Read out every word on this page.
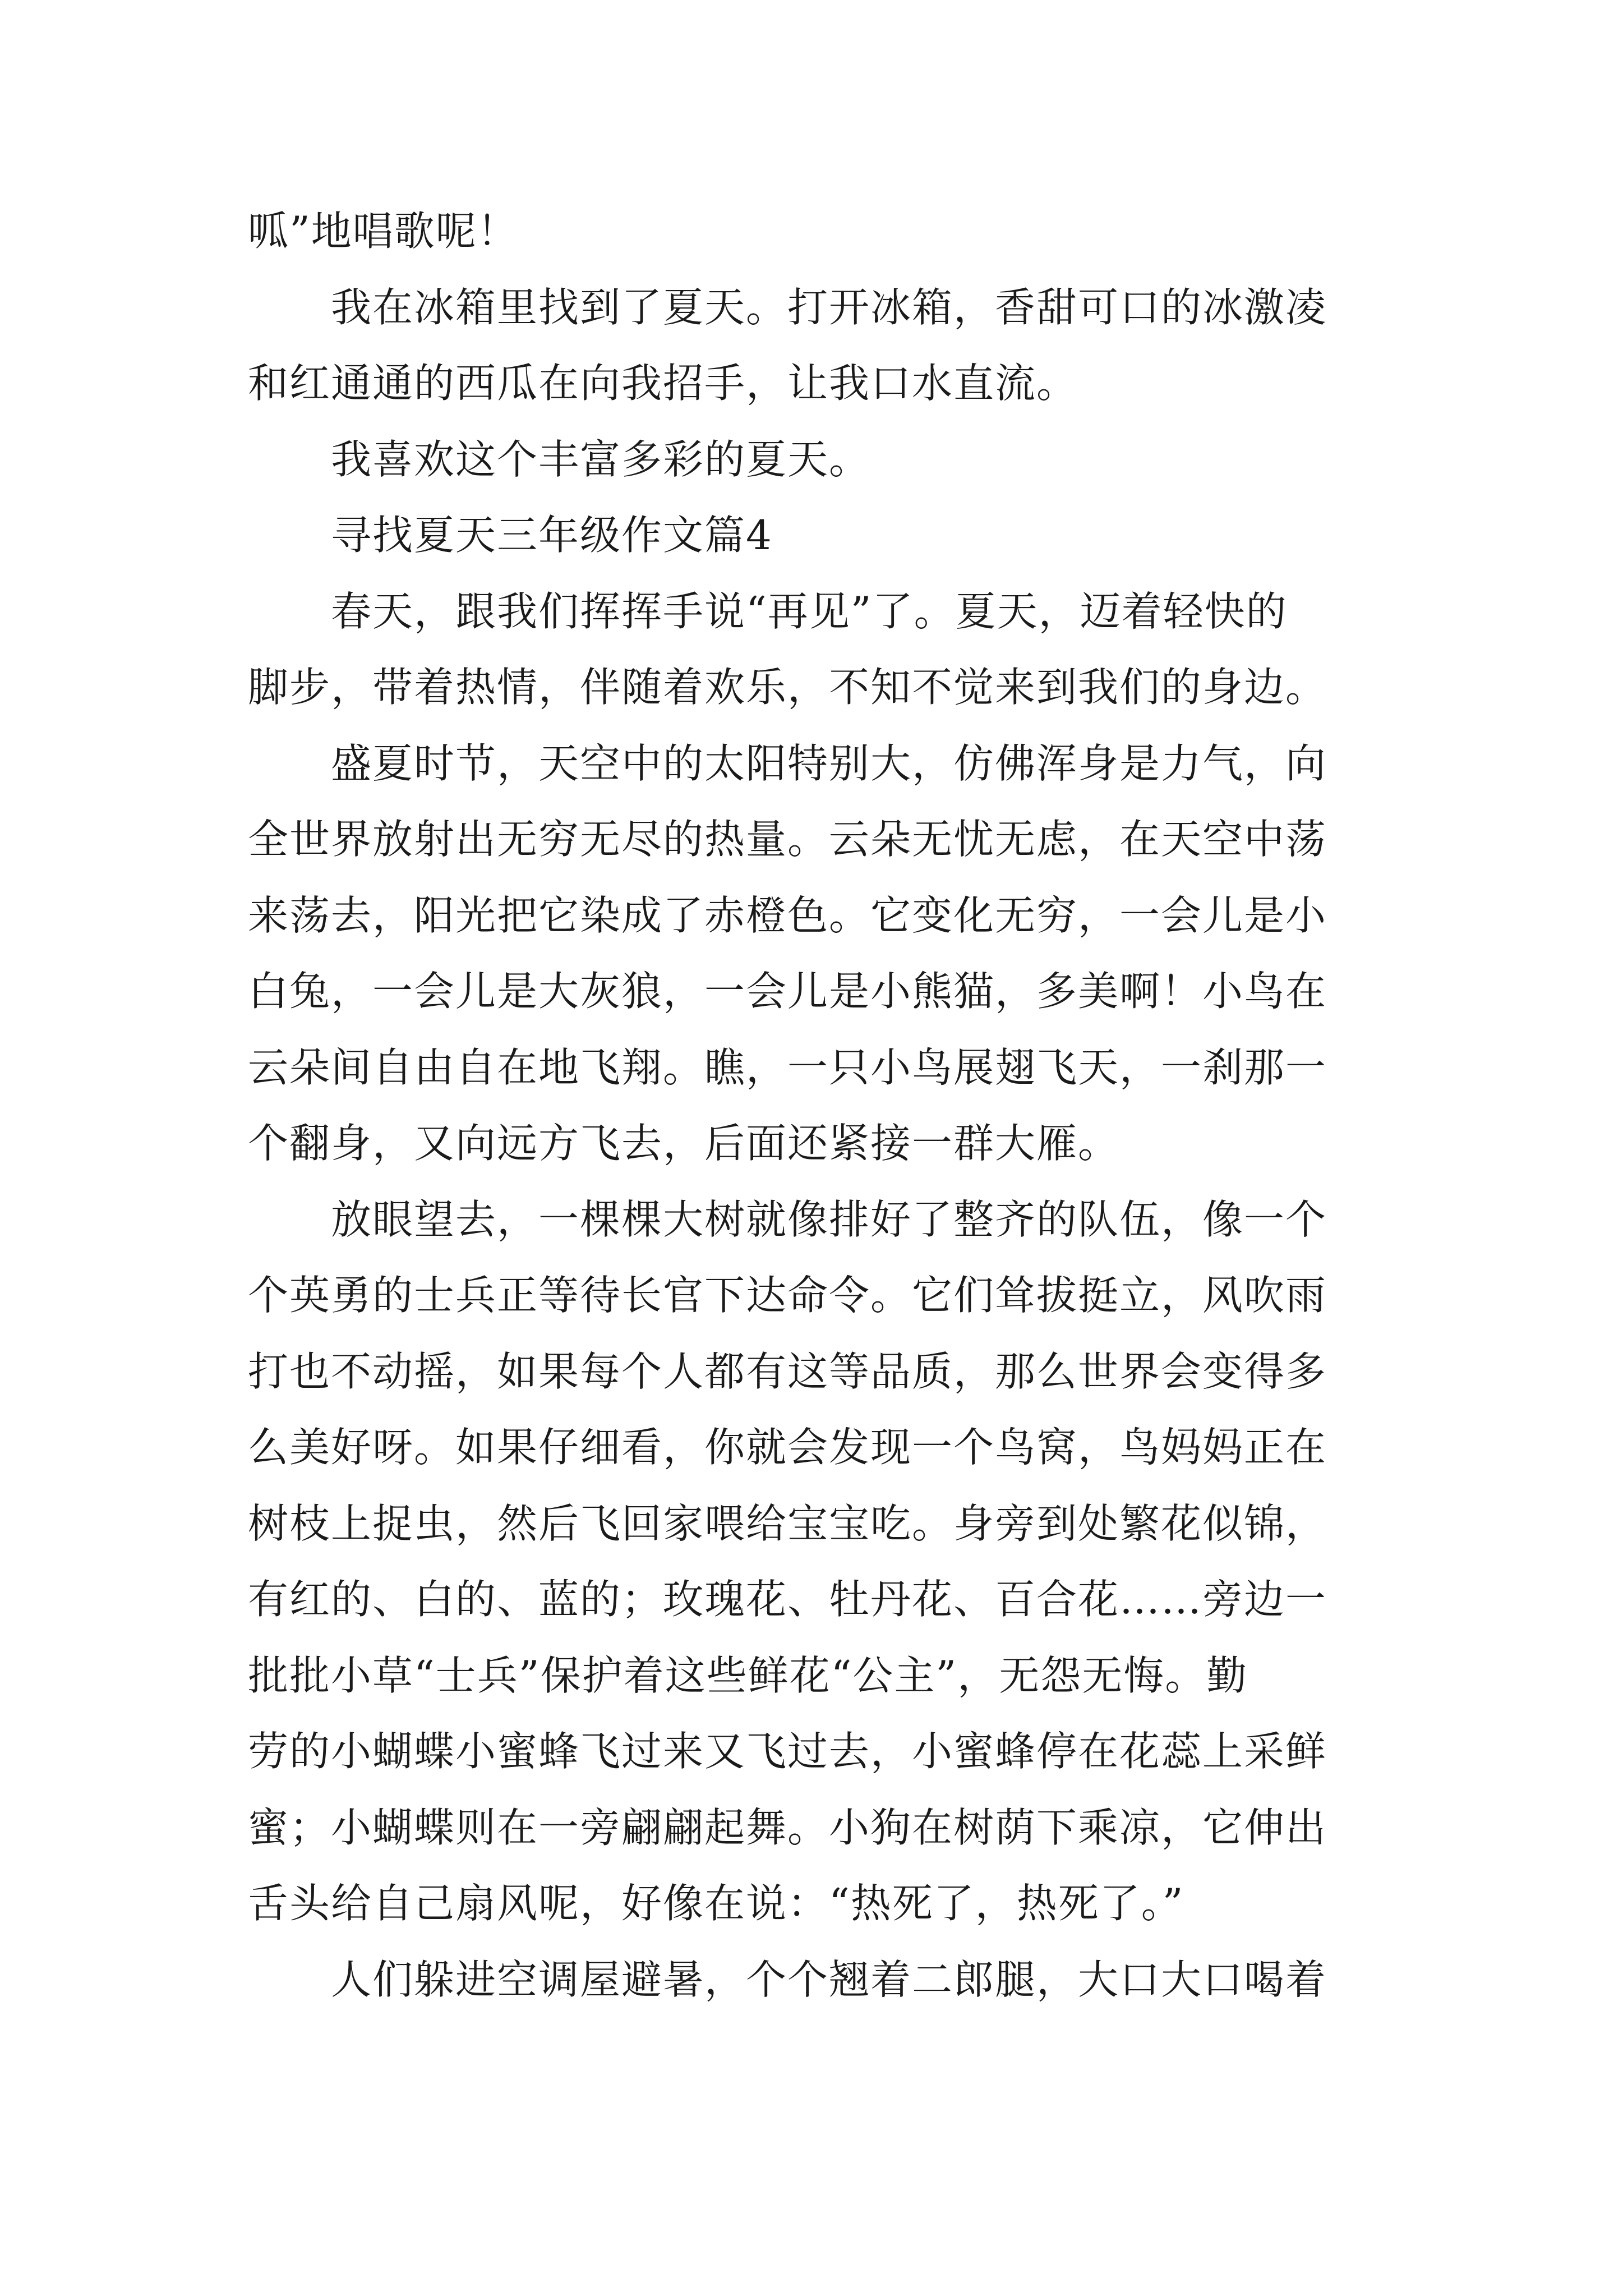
呱”地唱歌呢！
我在冰箱里找到了夏天。打开冰箱，香甜可口的冰激凌
和红通通的西瓜在向我招手，让我口水直流。
我喜欢这个丰富多彩的夏天。
寻找夏天三年级作文篇4
春天，跟我们挥挥手说“再见”了。夏天，迈着轻快的
脚步，带着热情，伴随着欢乐，不知不觉来到我们的身边。
盛夏时节，天空中的太阳特别大，仿佛浑身是力气，向
全世界放射出无穷无尽的热量。云朵无忧无虑，在天空中荡
来荡去，阳光把它染成了赤橙色。它变化无穷，一会儿是小
白兔，一会儿是大灰狼，一会儿是小熊猫，多美啊！小鸟在
云朵间自由自在地飞翔。瞧，一只小鸟展翅飞天，一刹那一
个翻身，又向远方飞去，后面还紧接一群大雁。
放眼望去，一棵棵大树就像排好了整齐的队伍，像一个
个英勇的士兵正等待长官下达命令。它们耸拔挺立，风吹雨
打也不动摇，如果每个人都有这等品质，那么世界会变得多
么美好呀。如果仔细看，你就会发现一个鸟窝，鸟妈妈正在
树枝上捉虫，然后飞回家喂给宝宝吃。身旁到处繁花似锦，
有红的、白的、蓝的；玫瑰花、牡丹花、百合花……旁边一
批批小草“士兵”保护着这些鲜花“公主”，无怨无悔。勤
劳的小蝴蝶小蜜蜂飞过来又飞过去，小蜜蜂停在花蕊上采鲜
蜜；小蝴蝶则在一旁翩翩起舞。小狗在树荫下乘凉，它伸出
舌头给自己扇风呢，好像在说：“热死了，热死了。”
人们躲进空调屋避暑，个个翘着二郎腿，大口大口喝着
